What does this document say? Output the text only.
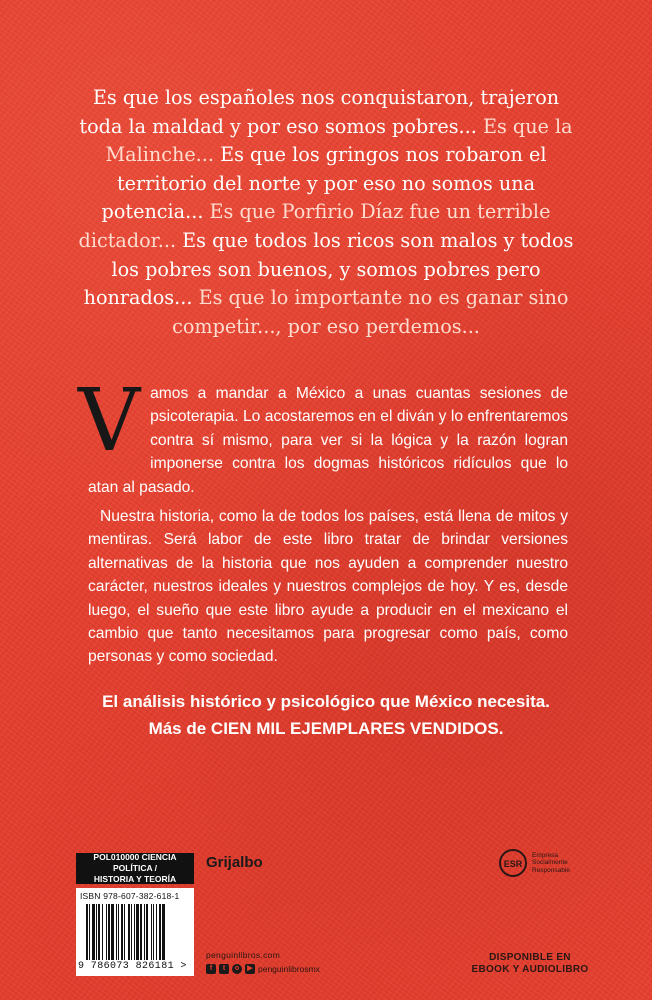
Es que los españoles nos conquistaron, trajeron toda la maldad y por eso somos pobres... Es que la Malinche... Es que los gringos nos robaron el territorio del norte y por eso no somos una potencia... Es que Porfirio Díaz fue un terrible dictador... Es que todos los ricos son malos y todos los pobres son buenos, y somos pobres pero honrados... Es que lo importante no es ganar sino competir..., por eso perdemos...

Vamos a mandar a México a unas cuantas sesiones de psicoterapia. Lo acostaremos en el diván y lo enfrentaremos contra sí mismo, para ver si la lógica y la razón logran imponerse contra los dogmas históricos ridículos que lo atan al pasado.

Nuestra historia, como la de todos los países, está llena de mitos y mentiras. Será labor de este libro tratar de brindar versiones alternativas de la historia que nos ayuden a comprender nuestro carácter, nuestros ideales y nuestros complejos de hoy. Y es, desde luego, el sueño que este libro ayude a producir en el mexicano el cambio que tanto necesitamos para progresar como país, como personas y como sociedad.

El análisis histórico y psicológico que México necesita.
Más de CIEN MIL EJEMPLARES VENDIDOS.
POL010000 CIENCIA POLÍTICA /
HISTORIA Y TEORÍA
ISBN 978-607-382-618-1
9 786073 826181 >
Grijalbo
penguinlibros.com
f	t	o	▶ penguinlibrosmx
ESR
Empresa Socialmente Responsable
DISPONIBLE EN
EBOOK Y AUDIOLIBRO
